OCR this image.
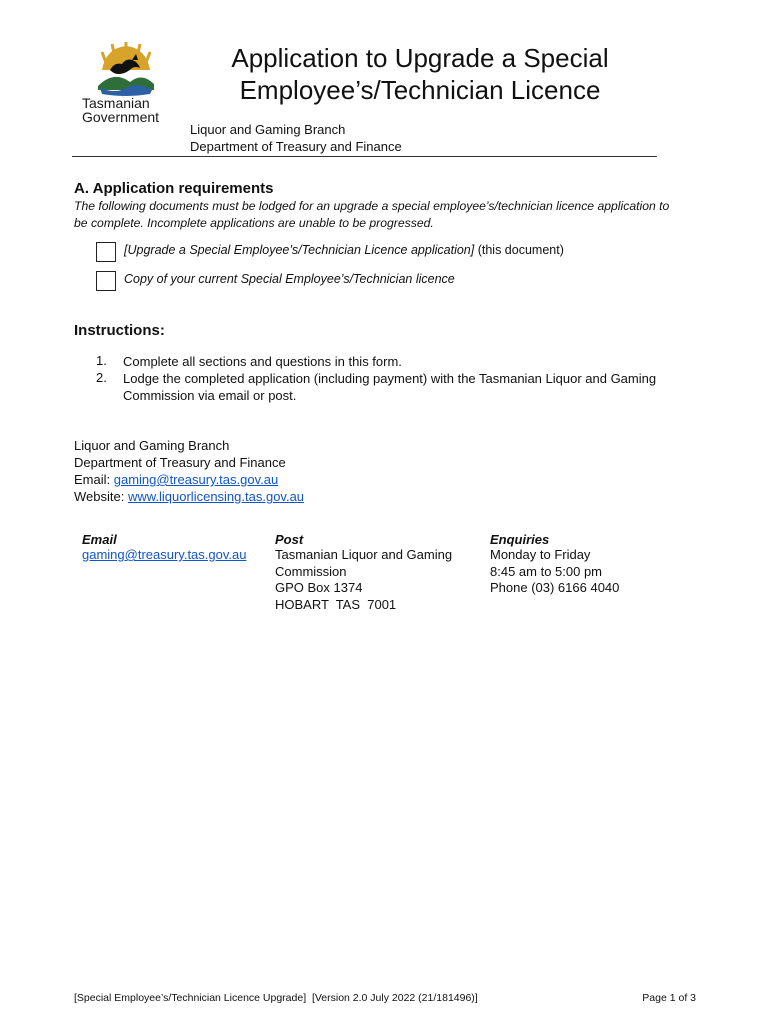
Tasmanian
Government
Application to Upgrade a Special
Employee’s/Technician Licence
Liquor and Gaming Branch
Department of Treasury and Finance
A. Application requirements
The following documents must be lodged for an upgrade a special employee’s/technician licence application to
be complete. Incomplete applications are unable to be progressed.
[Upgrade a Special Employee’s/Technician Licence application] (this document)
Copy of your current Special Employee’s/Technician licence
Instructions:
1. Complete all sections and questions in this form.
2. Lodge the completed application (including payment) with the Tasmanian Liquor and Gaming
Commission via email or post.
Liquor and Gaming Branch
Department of Treasury and Finance
Email: gaming@treasury.tas.gov.au
Website: www.liquorlicensing.tas.gov.au
Email
gaming@treasury.tas.gov.au
Post
Tasmanian Liquor and Gaming
Commission
GPO Box 1374
HOBART  TAS  7001
Enquiries
Monday to Friday
8:45 am to 5:00 pm
Phone (03) 6166 4040
[Special Employee’s/Technician Licence Upgrade]  [Version 2.0 July 2022 (21/181496)]	Page 1 of 3
